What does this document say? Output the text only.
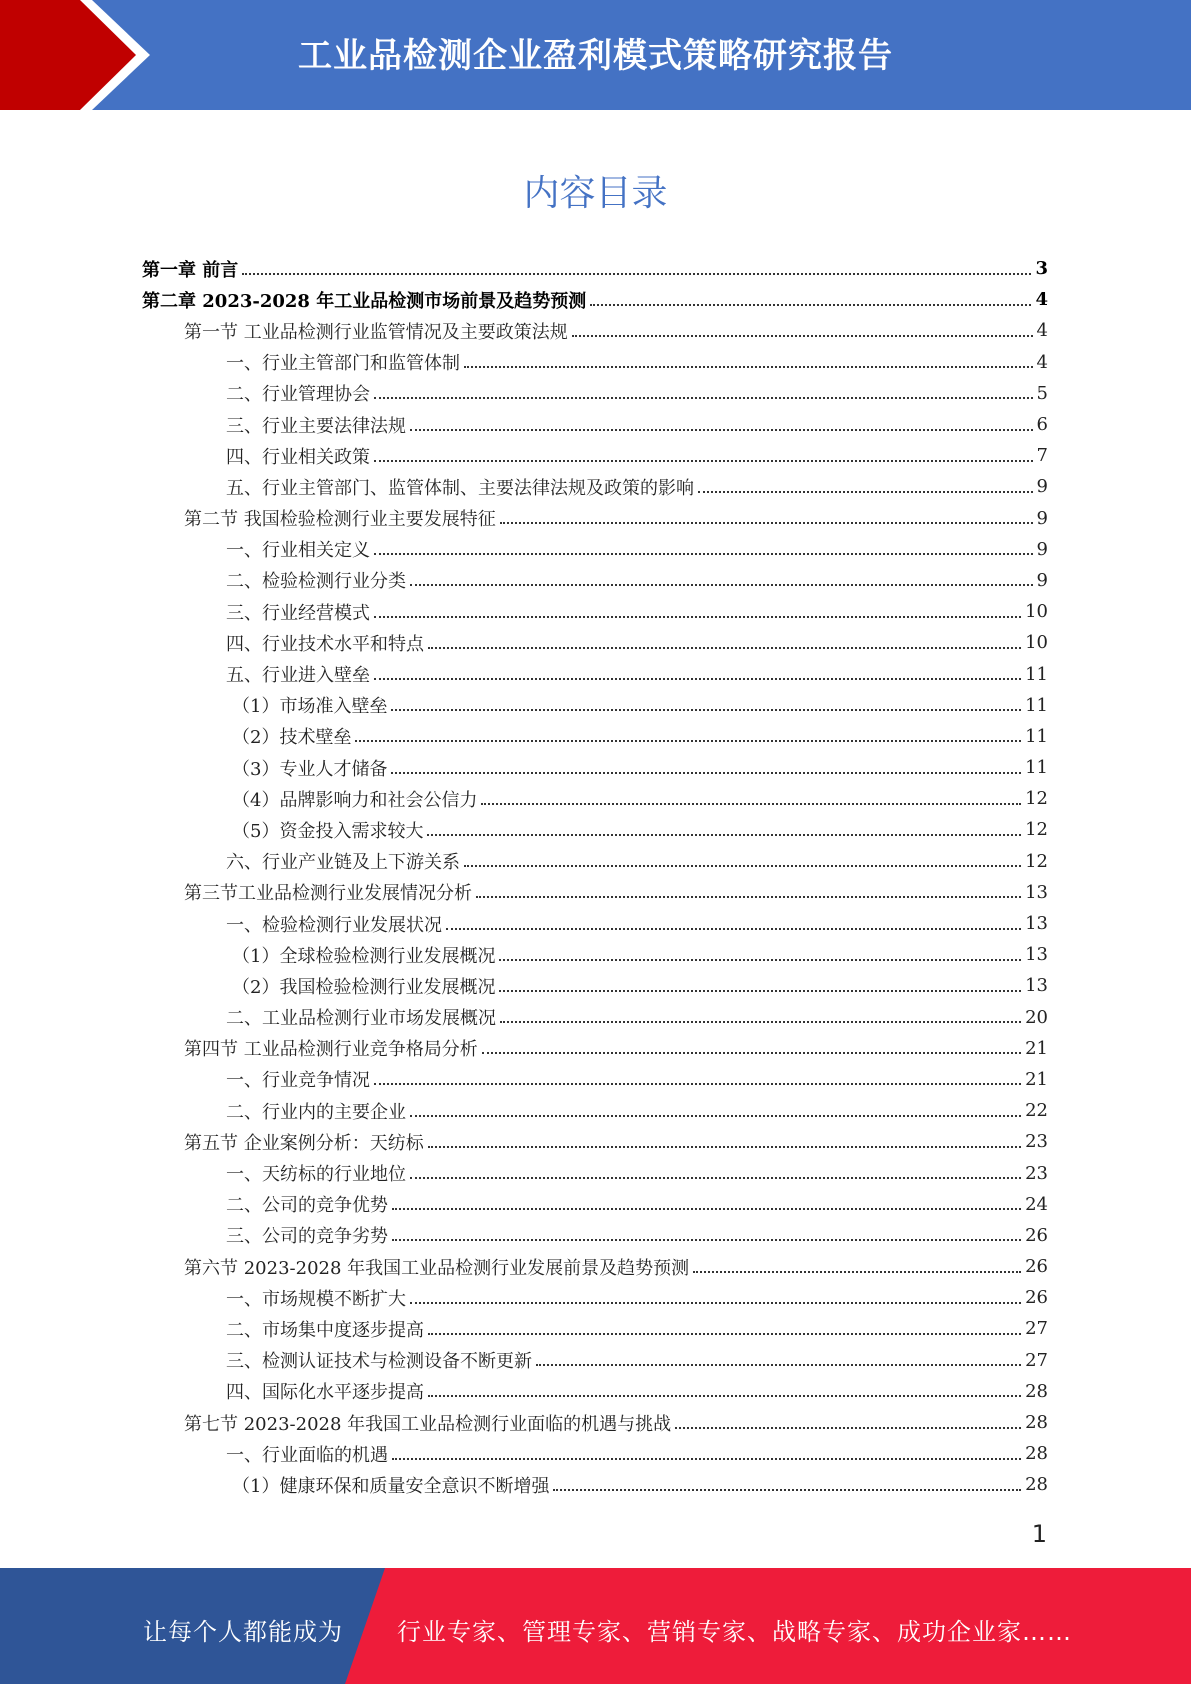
工业品检测企业盈利模式策略研究报告
内容目录
第一章 前言	3
第二章 2023-2028 年工业品检测市场前景及趋势预测	4
第一节 工业品检测行业监管情况及主要政策法规	4
一、行业主管部门和监管体制	4
二、行业管理协会	5
三、行业主要法律法规	6
四、行业相关政策	7
五、行业主管部门、监管体制、主要法律法规及政策的影响	9
第二节 我国检验检测行业主要发展特征	9
一、行业相关定义	9
二、检验检测行业分类	9
三、行业经营模式	10
四、行业技术水平和特点	10
五、行业进入壁垒	11
（1）市场准入壁垒	11
（2）技术壁垒	11
（3）专业人才储备	11
（4）品牌影响力和社会公信力	12
（5）资金投入需求较大	12
六、行业产业链及上下游关系	12
第三节工业品检测行业发展情况分析	13
一、检验检测行业发展状况	13
（1）全球检验检测行业发展概况	13
（2）我国检验检测行业发展概况	13
二、工业品检测行业市场发展概况	20
第四节 工业品检测行业竞争格局分析	21
一、行业竞争情况	21
二、行业内的主要企业	22
第五节 企业案例分析：天纺标	23
一、天纺标的行业地位	23
二、公司的竞争优势	24
三、公司的竞争劣势	26
第六节 2023-2028 年我国工业品检测行业发展前景及趋势预测	26
一、市场规模不断扩大	26
二、市场集中度逐步提高	27
三、检测认证技术与检测设备不断更新	27
四、国际化水平逐步提高	28
第七节 2023-2028 年我国工业品检测行业面临的机遇与挑战	28
一、行业面临的机遇	28
（1）健康环保和质量安全意识不断增强	28
1
让每个人都能成为 行业专家、管理专家、营销专家、战略专家、成功企业家……
